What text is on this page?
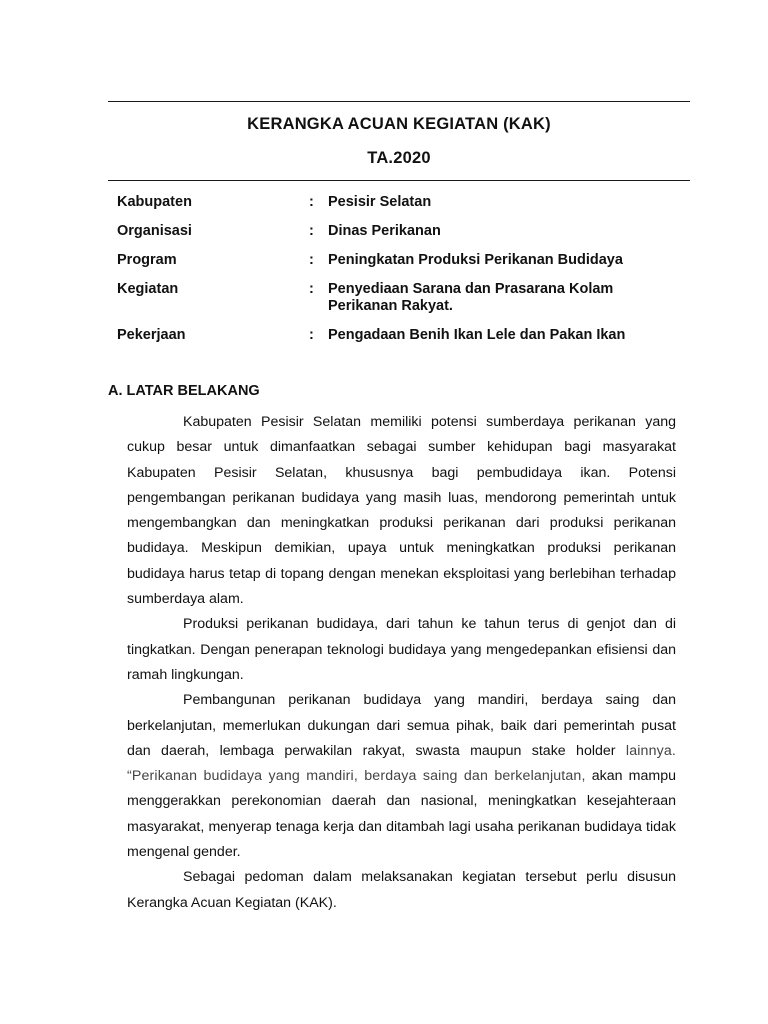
KERANGKA ACUAN KEGIATAN (KAK)
TA.2020
Kabupaten	: Pesisir Selatan
Organisasi	: Dinas Perikanan
Program	: Peningkatan Produksi Perikanan Budidaya
Kegiatan	: Penyediaan Sarana dan Prasarana Kolam Perikanan Rakyat.
Pekerjaan	: Pengadaan Benih Ikan Lele dan Pakan Ikan
A. LATAR BELAKANG

Kabupaten Pesisir Selatan memiliki potensi sumberdaya perikanan yang cukup besar untuk dimanfaatkan sebagai sumber kehidupan bagi masyarakat Kabupaten Pesisir Selatan, khususnya bagi pembudidaya ikan. Potensi pengembangan perikanan budidaya yang masih luas, mendorong pemerintah untuk mengembangkan dan meningkatkan produksi perikanan dari produksi perikanan budidaya. Meskipun demikian, upaya untuk meningkatkan produksi perikanan budidaya harus tetap di topang dengan menekan eksploitasi yang berlebihan terhadap sumberdaya alam.

Produksi perikanan budidaya, dari tahun ke tahun terus di genjot dan di tingkatkan. Dengan penerapan teknologi budidaya yang mengedepankan efisiensi dan ramah lingkungan.

Pembangunan perikanan budidaya yang mandiri, berdaya saing dan berkelanjutan, memerlukan dukungan dari semua pihak, baik dari pemerintah pusat dan daerah, lembaga perwakilan rakyat, swasta maupun stake holder lainnya. “Perikanan budidaya yang mandiri, berdaya saing dan berkelanjutan, akan mampu menggerakkan perekonomian daerah dan nasional, meningkatkan kesejahteraan masyarakat, menyerap tenaga kerja dan ditambah lagi usaha perikanan budidaya tidak mengenal gender.

Sebagai pedoman dalam melaksanakan kegiatan tersebut perlu disusun Kerangka Acuan Kegiatan (KAK).
